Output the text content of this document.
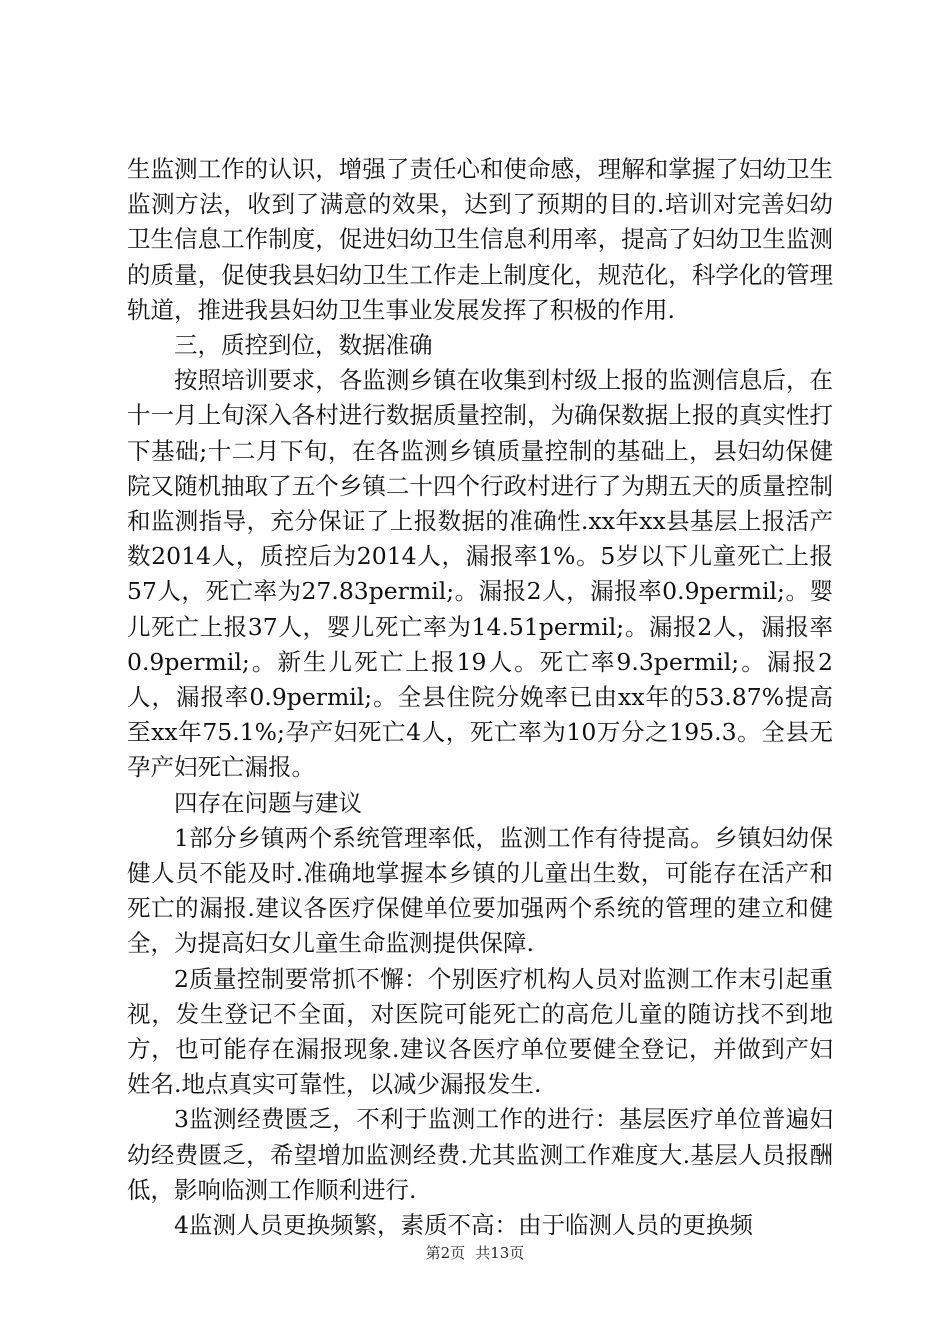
生监测工作的认识，增强了责任心和使命感，理解和掌握了妇幼卫生监测方法，收到了满意的效果，达到了预期的目的.培训对完善妇幼卫生信息工作制度，促进妇幼卫生信息利用率，提高了妇幼卫生监测的质量，促使我县妇幼卫生工作走上制度化，规范化，科学化的管理轨道，推进我县妇幼卫生事业发展发挥了积极的作用.

三，质控到位，数据准确

按照培训要求，各监测乡镇在收集到村级上报的监测信息后，在十一月上旬深入各村进行数据质量控制，为确保数据上报的真实性打下基础;十二月下旬，在各监测乡镇质量控制的基础上，县妇幼保健院又随机抽取了五个乡镇二十四个行政村进行了为期五天的质量控制和监测指导，充分保证了上报数据的准确性.xx年xx县基层上报活产数2014人，质控后为2014人，漏报率1%。5岁以下儿童死亡上报57人，死亡率为27.83permil;。漏报2人，漏报率0.9permil;。婴儿死亡上报37人，婴儿死亡率为14.51permil;。漏报2人，漏报率0.9permil;。新生儿死亡上报19人。死亡率9.3permil;。漏报2人，漏报率0.9permil;。全县住院分娩率已由xx年的53.87%提高至xx年75.1%;孕产妇死亡4人，死亡率为10万分之195.3。全县无孕产妇死亡漏报。

四存在问题与建议

1部分乡镇两个系统管理率低，监测工作有待提高。乡镇妇幼保健人员不能及时.准确地掌握本乡镇的儿童出生数，可能存在活产和死亡的漏报.建议各医疗保健单位要加强两个系统的管理的建立和健全，为提高妇女儿童生命监测提供保障.

2质量控制要常抓不懈：个别医疗机构人员对监测工作末引起重视，发生登记不全面，对医院可能死亡的高危儿童的随访找不到地方，也可能存在漏报现象.建议各医疗单位要健全登记，并做到产妇姓名.地点真实可靠性，以减少漏报发生.

3监测经费匮乏，不利于监测工作的进行：基层医疗单位普遍妇幼经费匮乏，希望增加监测经费.尤其监测工作难度大.基层人员报酬低，影响临测工作顺利进行.

4监测人员更换频繁，素质不高：由于临测人员的更换频

第2页 共13页
